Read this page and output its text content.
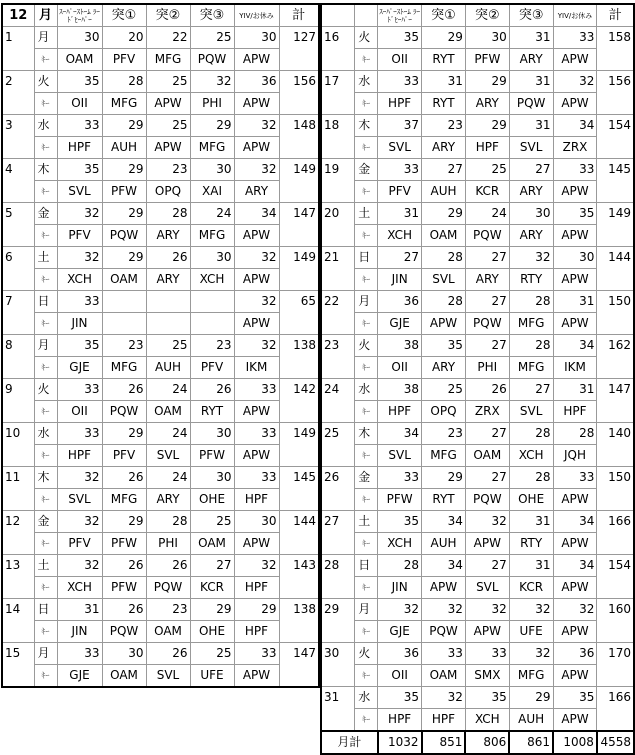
12	月	ｽｰﾊﾟｰｽﾄｰﾑ ﾗｰﾄﾞﾋｰﾊﾟｰ	突①	突②	突③	YIV/お休み	計
1	月	30	20	22	25	30	127
	ｷｰ	OAM	PFV	MFG	PQW	APW	
2	火	35	28	25	32	36	156
	ｷｰ	OII	MFG	APW	PHI	APW	
3	水	33	29	25	29	32	148
	ｷｰ	HPF	AUH	APW	MFG	APW	
4	木	35	29	23	30	32	149
	ｷｰ	SVL	PFW	OPQ	XAI	ARY	
5	金	32	29	28	24	34	147
	ｷｰ	PFV	PQW	ARY	MFG	APW	
6	土	32	29	26	30	32	149
	ｷｰ	XCH	OAM	ARY	XCH	APW	
7	日	33				32	65
	ｷｰ	JIN				APW	
8	月	35	23	25	23	32	138
	ｷｰ	GJE	MFG	AUH	PFV	IKM	
9	火	33	26	24	26	33	142
	ｷｰ	OII	PQW	OAM	RYT	APW	
10	水	33	29	24	30	33	149
	ｷｰ	HPF	PFV	SVL	PFW	APW	
11	木	32	26	24	30	33	145
	ｷｰ	SVL	MFG	ARY	OHE	HPF	
12	金	32	29	28	25	30	144
	ｷｰ	PFV	PFW	PHI	OAM	APW	
13	土	32	26	26	27	32	143
	ｷｰ	XCH	PFW	PQW	KCR	HPF	
14	日	31	26	23	29	29	138
	ｷｰ	JIN	PQW	OAM	OHE	HPF	
15	月	33	30	26	25	33	147
	ｷｰ	GJE	OAM	SVL	UFE	APW	
		ｽｰﾊﾟｰｽﾄｰﾑ ﾗｰﾄﾞﾋｰﾊﾟｰ	突①	突②	突③	YIV/お休み	計
16	火	35	29	30	31	33	158
	ｷｰ	OII	RYT	PFW	ARY	APW	
17	水	33	31	29	31	32	156
	ｷｰ	HPF	RYT	ARY	PQW	APW	
18	木	37	23	29	31	34	154
	ｷｰ	SVL	ARY	HPF	SVL	ZRX	
19	金	33	27	25	27	33	145
	ｷｰ	PFV	AUH	KCR	ARY	APW	
20	土	31	29	24	30	35	149
	ｷｰ	XCH	OAM	PQW	ARY	APW	
21	日	27	28	27	32	30	144
	ｷｰ	JIN	SVL	ARY	RTY	APW	
22	月	36	28	27	28	31	150
	ｷｰ	GJE	APW	PQW	MFG	APW	
23	火	38	35	27	28	34	162
	ｷｰ	OII	ARY	PHI	MFG	IKM	
24	水	38	25	26	27	31	147
	ｷｰ	HPF	OPQ	ZRX	SVL	HPF	
25	木	34	23	27	28	28	140
	ｷｰ	SVL	MFG	OAM	XCH	JQH	
26	金	33	29	27	28	33	150
	ｷｰ	PFW	RYT	PQW	OHE	APW	
27	土	35	34	32	31	34	166
	ｷｰ	XCH	AUH	APW	RTY	APW	
28	日	28	34	27	31	34	154
	ｷｰ	JIN	APW	SVL	KCR	APW	
29	月	32	32	32	32	32	160
	ｷｰ	GJE	PQW	APW	UFE	APW	
30	火	36	33	33	32	36	170
	ｷｰ	OII	OAM	SMX	MFG	APW	
31	水	35	32	35	29	35	166
	ｷｰ	HPF	HPF	XCH	AUH	APW	
月計		1032	851	806	861	1008	4558
